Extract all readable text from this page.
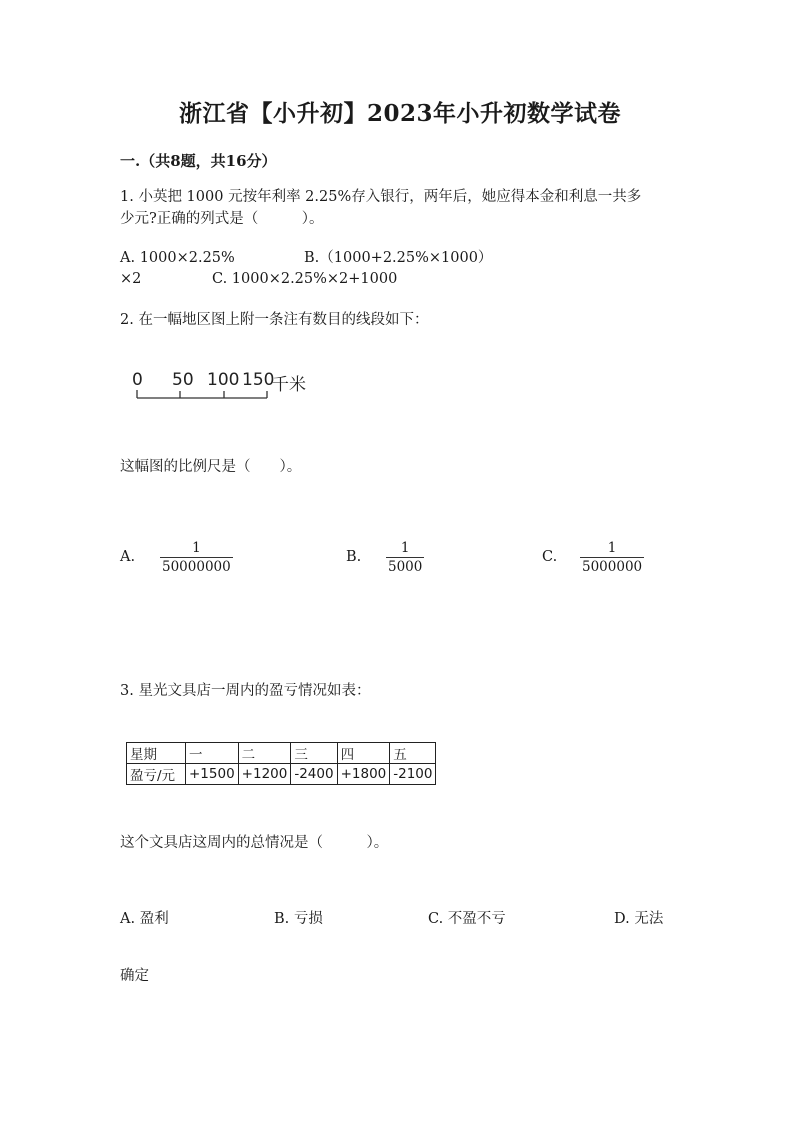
浙江省【小升初】2023年小升初数学试卷
一.（共8题，共16分）
1. 小英把 1000 元按年利率 2.25%存入银行，两年后，她应得本金和利息一共多
少元?正确的列式是（　　　）。
A. 1000×2.25%	B.（1000+2.25%×1000）
×2	C. 1000×2.25%×2+1000
2. 在一幅地区图上附一条注有数目的线段如下：
0 50 100 150
千米
这幅图的比例尺是（　　）。
A.
1
50000000
B.
1
5000
C.
1
5000000
3. 星光文具店一周内的盈亏情况如表：
星期	一	二	三	四	五
盈亏/元	+1500	+1200	-2400	+1800	-2100
这个文具店这周内的总情况是（　　　）。
A. 盈利	B. 亏损	C. 不盈不亏	D. 无法
确定
